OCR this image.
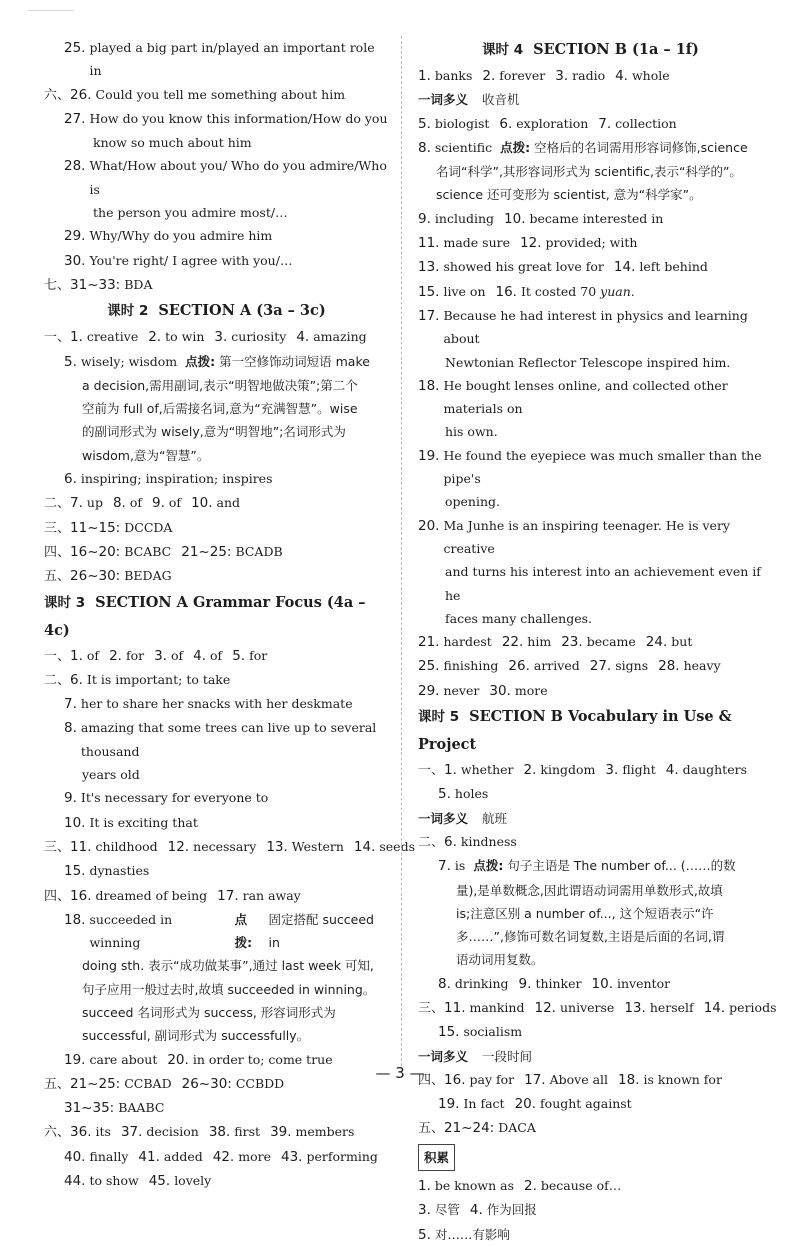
25. played a big part in/played an important role in
六、 26. Could you tell me something about him
27. How do you know this information/How do you
know so much about him
28. What/How about you/ Who do you admire/Who is
the person you admire most/…
29. Why/Why do you admire him
30. You're right/ I agree with you/…
七、 31~33: BDA
课时 2 SECTION A (3a – 3c)
一、 1. creative 2. to win 3. curiosity 4. amazing
5. wisely; wisdom 点拨: 第一空修饰动词短语 make
a decision,需用副词,表示“明智地做决策”;第二个
空前为 full of,后需接名词,意为“充满智慧”。wise
的副词形式为 wisely,意为“明智地”;名词形式为
wisdom,意为“智慧”。
6. inspiring; inspiration; inspires
二、 7. up 8. of 9. of 10. and
三、 11~15: DCCDA
四、 16~20: BCABC 21~25: BCADB
五、 26~30: BEDAG
课时 3 SECTION A Grammar Focus (4a – 4c)
一、 1. of 2. for 3. of 4. of 5. for
二、 6. It is important; to take
7. her to share her snacks with her deskmate
8. amazing that some trees can live up to several thousand
years old
9. It's necessary for everyone to
10. It is exciting that
三、 11. childhood 12. necessary 13. Western 14. seeds
15. dynasties
四、 16. dreamed of being 17. ran away
18. succeeded in winning
点拨:
固定搭配 succeed in
doing sth. 表示“成功做某事”,通过 last week 可知,
句子应用一般过去时,故填 succeeded in winning。
succeed 名词形式为 success, 形容词形式为
successful, 副词形式为 successfully。
19. care about 20. in order to; come true
五、 21~25: CCBAD 26~30: CCBDD
31~35: BAABC
六、 36. its 37. decision 38. first 39. members
40. finally 41. added 42. more 43. performing
44. to show 45. lovely
课时 4 SECTION B (1a – 1f)
1. banks 2. forever 3. radio 4. whole
一词多义 收音机
5. biologist 6. exploration 7. collection
8. scientific 点拨: 空格后的名词需用形容词修饰,science
名词“科学”,其形容词形式为 scientific,表示“科学的”。
science 还可变形为 scientist, 意为“科学家”。
9. including 10. became interested in
11. made sure 12. provided; with
13. showed his great love for 14. left behind
15. live on 16. It costed 70 yuan .
17. Because he had interest in physics and learning about
Newtonian Reflector Telescope inspired him.
18. He bought lenses online, and collected other materials on
his own.
19. He found the eyepiece was much smaller than the pipe's
opening.
20. Ma Junhe is an inspiring teenager. He is very creative
and turns his interest into an achievement even if he
faces many challenges.
21. hardest 22. him 23. became 24. but
25. finishing 26. arrived 27. signs 28. heavy
29. never 30. more
课时 5 SECTION B Vocabulary in Use & Project
一、 1. whether 2. kingdom 3. flight 4. daughters
5. holes
一词多义 航班
二、 6. kindness
7. is 点拨: 句子主语是 The number of... (……的数
量),是单数概念,因此谓语动词需用单数形式,故填
is;注意区别 a number of..., 这个短语表示“许
多……”,修饰可数名词复数,主语是后面的名词,谓
语动词用复数。
8. drinking 9. thinker 10. inventor
三、 11. mankind 12. universe 13. herself 14. periods
15. socialism
一词多义 一段时间
四、 16. pay for 17. Above all 18. is known for
19. In fact 20. fought against
五、 21~24: DACA
积累
1. be known as 2. because of…
3. 尽管 4. 作为回报
5. 对……有影响
— 3 —
